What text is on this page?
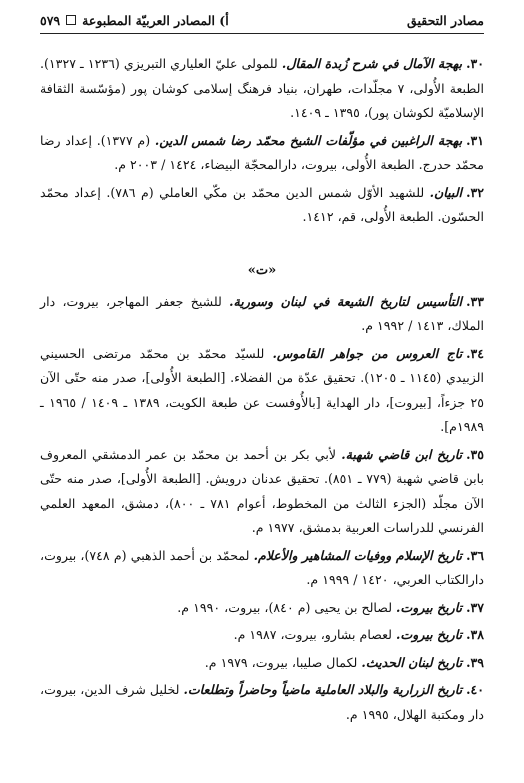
مصادر التحقيق
أ) المصادر العربيّة المطبوعة
٥٧٩

٣٠.بهجة الآمال في شرح زُبدة المقال. للمولى عليّ العلياري التبريزي (١٢٣٦ ـ ١٣٢٧). الطبعة الأُولى، ٧ مجلّدات، طهران، بنياد فرهنگ إسلامی کوشان پور (مؤسّسة الثقافة الإسلاميّة لكوشان پور)، ١٣٩٥ ـ ١٤٠٩.

٣١.بهجة الراغبين في مؤلّفات الشيخ محمّد رضا شمس الدين. (م ١٣٧٧). إعداد رضا محمّد حدرج. الطبعة الأُولى، بيروت، دارالمحجّة البيضاء، ١٤٢٤ / ٢٠٠٣ م.

٣٢.البيان. للشهيد الأوّل شمس الدين محمّد بن مكّي العاملي (م ٧٨٦). إعداد محمّد الحسّون. الطبعة الأُولى، قم، ١٤١٢.

«ت»

٣٣.التأسيس لتاريخ الشيعة في لبنان وسورية. للشيخ جعفر المهاجر، بيروت، دار الملاك، ١٤١٣ / ١٩٩٢ م.

٣٤.تاج العروس من جواهر القاموس. للسيّد محمّد بن محمّد مرتضى الحسيني الزبيدي (١١٤٥ ـ ١٢٠٥). تحقيق عدّة من الفضلاء. [الطبعة الأُولى]، صدر منه حتّى الآن ٢٥ جزءاً، [بيروت]، دار الهداية [بالأُوفست عن طبعة الكويت، ١٣٨٩ ـ ١٤٠٩ / ١٩٦٥ ـ ١٩٨٩م].

٣٥.تاريخ ابن قاضي شهبة. لأبي بكر بن أحمد بن محمّد بن عمر الدمشقي المعروف بابن قاضي شهبة (٧٧٩ ـ ٨٥١). تحقيق عدنان درويش. [الطبعة الأُولى]، صدر منه حتّى الآن مجلّد (الجزء الثالث من المخطوط، أعوام ٧٨١ ـ ٨٠٠)، دمشق، المعهد العلمي الفرنسي للدراسات العربية بدمشق، ١٩٧٧ م.

٣٦.تاريخ الإسلام ووفيات المشاهير والأعلام. لمحمّد بن أحمد الذهبي (م ٧٤٨)، بيروت، دارالكتاب العربي، ١٤٢٠ / ١٩٩٩ م.

٣٧.تاريخ بيروت. لصالح بن يحيى (م ٨٤٠)، بيروت، ١٩٩٠ م.

٣٨.تاريخ بيروت. لعصام بشارو، بيروت، ١٩٨٧ م.

٣٩.تاريخ لبنان الحديث. لكمال صليبا، بيروت، ١٩٧٩ م.

٤٠.تاريخ الزرارية والبلاد العاملية ماضياً وحاضراً وتطلعات. لخليل شرف الدين، بيروت، دار ومكتبة الهلال، ١٩٩٥ م.
